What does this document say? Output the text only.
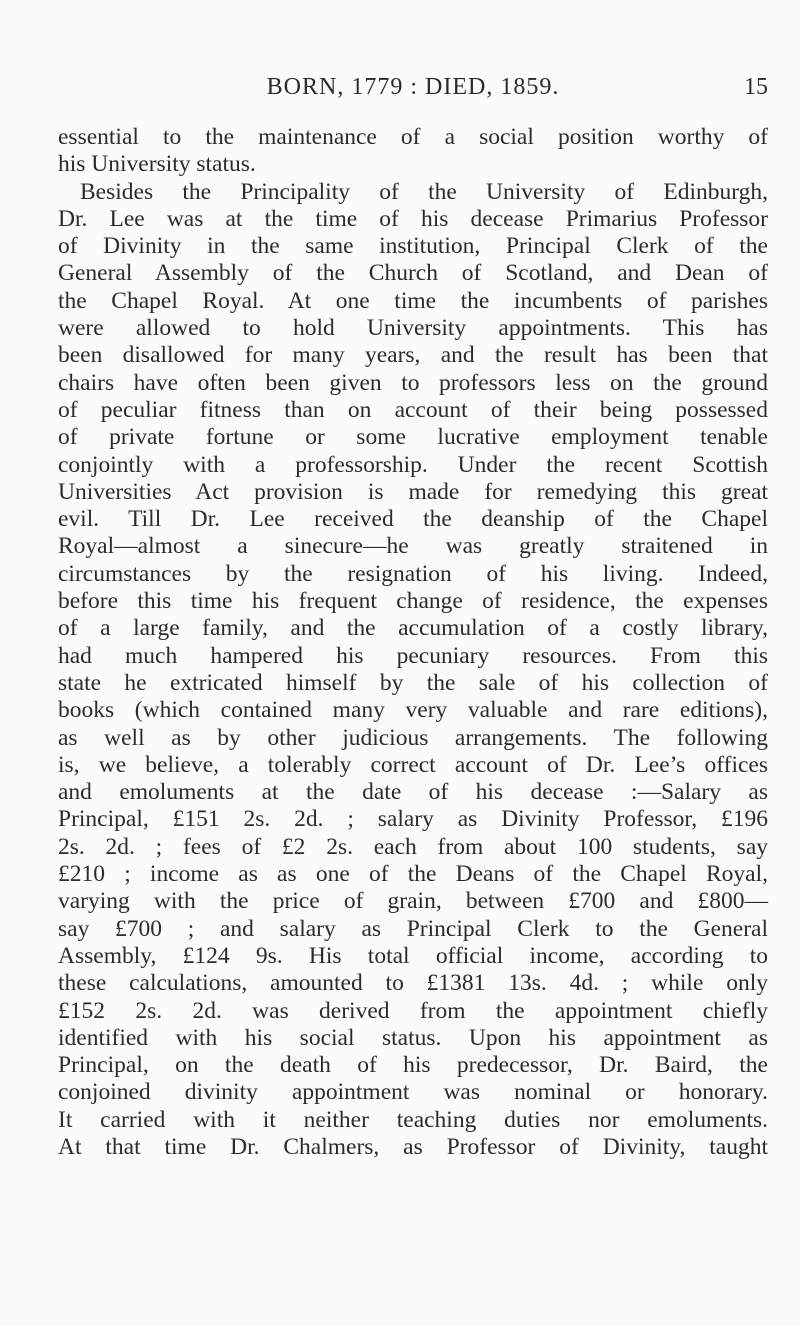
BORN, 1779 : DIED, 1859.	15
essential to the maintenance of a social position worthy of
his University status.
Besides the Principality of the University of Edinburgh,
Dr. Lee was at the time of his decease Primarius Professor
of Divinity in the same institution, Principal Clerk of the
General Assembly of the Church of Scotland, and Dean of
the Chapel Royal. At one time the incumbents of parishes
were allowed to hold University appointments. This has
been disallowed for many years, and the result has been that
chairs have often been given to professors less on the ground
of peculiar fitness than on account of their being possessed
of private fortune or some lucrative employment tenable
conjointly with a professorship. Under the recent Scottish
Universities Act provision is made for remedying this great
evil. Till Dr. Lee received the deanship of the Chapel
Royal—almost a sinecure—he was greatly straitened in
circumstances by the resignation of his living. Indeed,
before this time his frequent change of residence, the expenses
of a large family, and the accumulation of a costly library,
had much hampered his pecuniary resources. From this
state he extricated himself by the sale of his collection of
books (which contained many very valuable and rare editions),
as well as by other judicious arrangements. The following
is, we believe, a tolerably correct account of Dr. Lee’s offices
and emoluments at the date of his decease :—Salary as
Principal, £151 2s. 2d. ; salary as Divinity Professor, £196
2s. 2d. ; fees of £2 2s. each from about 100 students, say
£210 ; income as as one of the Deans of the Chapel Royal,
varying with the price of grain, between £700 and £800—
say £700 ; and salary as Principal Clerk to the General
Assembly, £124 9s. His total official income, according to
these calculations, amounted to £1381 13s. 4d. ; while only
£152 2s. 2d. was derived from the appointment chiefly
identified with his social status. Upon his appointment as
Principal, on the death of his predecessor, Dr. Baird, the
conjoined divinity appointment was nominal or honorary.
It carried with it neither teaching duties nor emoluments.
At that time Dr. Chalmers, as Professor of Divinity, taught
